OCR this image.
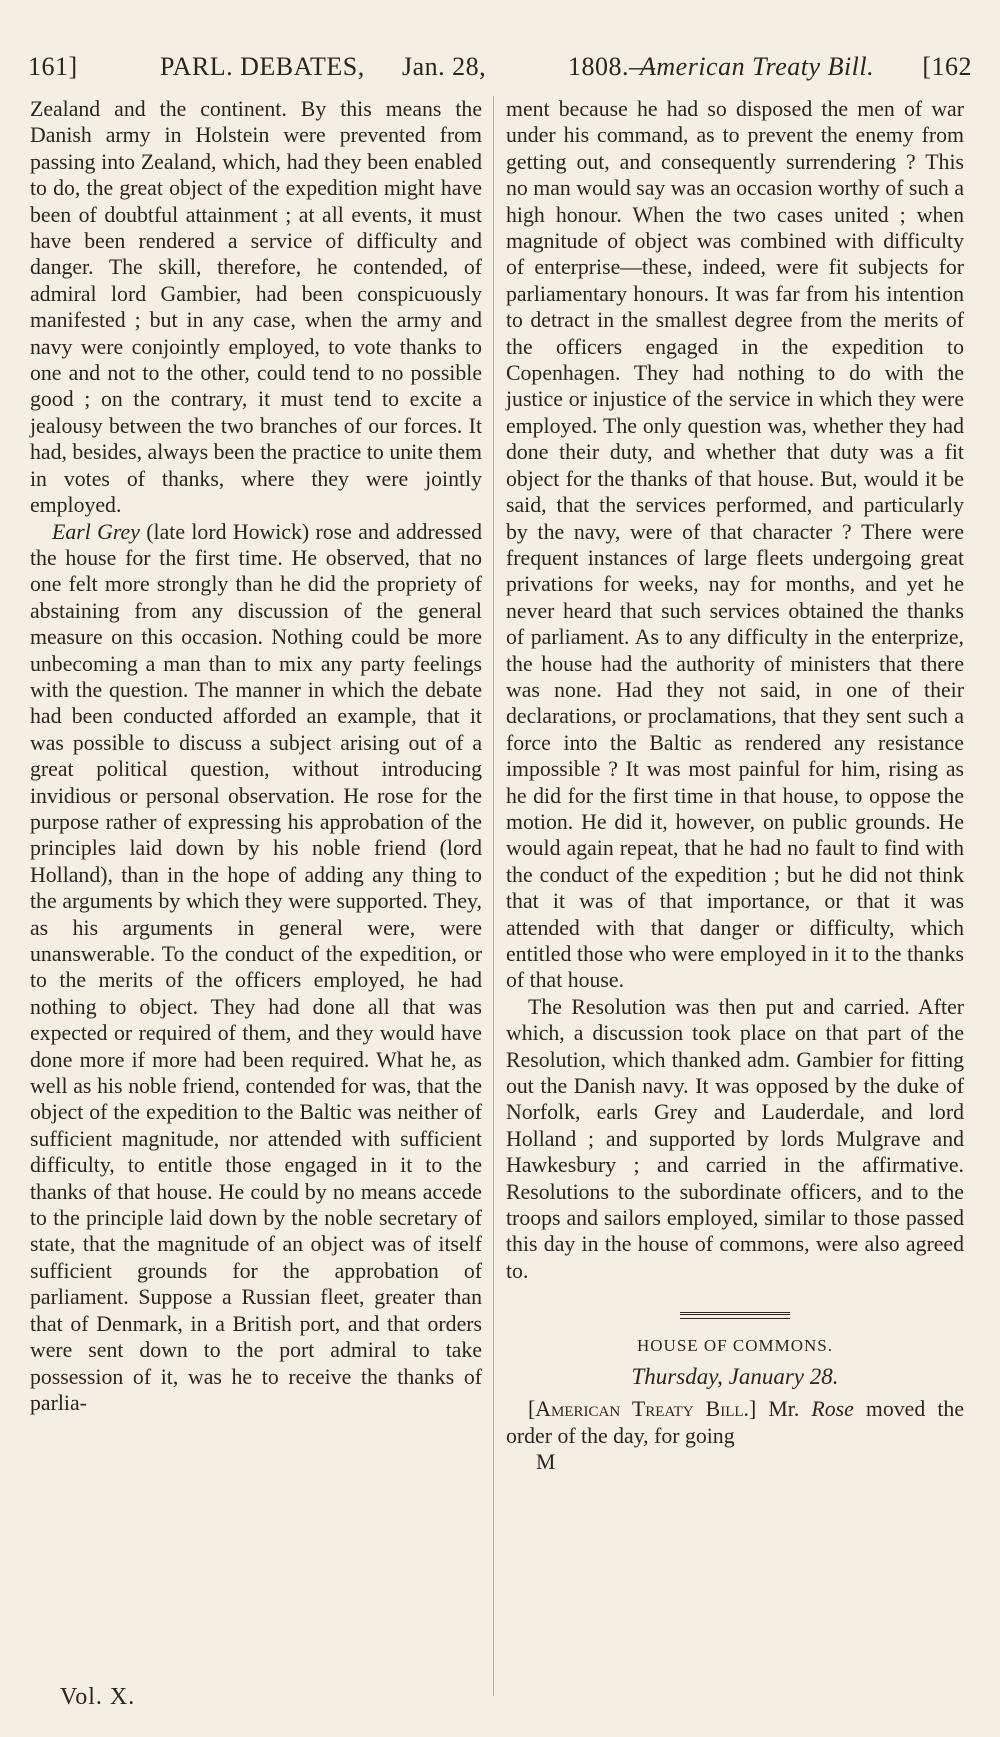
161]	PARL. DEBATES, Jan. 28,	1808.—
American Treaty Bill. [162

Zealand and the continent. By this means the Danish army in Holstein were prevented from passing into Zealand, which, had they been enabled to do, the great object of the expedition might have been of doubtful attainment ; at all events, it must have been rendered a service of difficulty and danger. The skill, therefore, he contended, of admiral lord Gambier, had been conspicuously manifested ; but in any case, when the army and navy were conjointly employed, to vote thanks to one and not to the other, could tend to no possible good ; on the contrary, it must tend to excite a jealousy between the two branches of our forces. It had, besides, always been the practice to unite them in votes of thanks, where they were jointly employed.

Earl Grey (late lord Howick) rose and addressed the house for the first time. He observed, that no one felt more strongly than he did the propriety of abstaining from any discussion of the general measure on this occasion. Nothing could be more unbecoming a man than to mix any party feelings with the question. The manner in which the debate had been conducted afforded an example, that it was possible to discuss a subject arising out of a great political question, without introducing invidious or personal observation. He rose for the purpose rather of expressing his approbation of the principles laid down by his noble friend (lord Holland), than in the hope of adding any thing to the arguments by which they were supported. They, as his arguments in general were, were unanswerable. To the conduct of the expedition, or to the merits of the officers employed, he had nothing to object. They had done all that was expected or required of them, and they would have done more if more had been required. What he, as well as his noble friend, contended for was, that the object of the expedition to the Baltic was neither of sufficient magnitude, nor attended with sufficient difficulty, to entitle those engaged in it to the thanks of that house. He could by no means accede to the principle laid down by the noble secretary of state, that the magnitude of an object was of itself sufficient grounds for the approbation of parliament. Suppose a Russian fleet, greater than that of Denmark, in a British port, and that orders were sent down to the port admiral to take possession of it, was he to receive the thanks of parlia-

ment because he had so disposed the men of war under his command, as to prevent the enemy from getting out, and consequently surrendering ? This no man would say was an occasion worthy of such a high honour. When the two cases united ; when magnitude of object was combined with difficulty of enterprise—these, indeed, were fit subjects for parliamentary honours. It was far from his intention to detract in the smallest degree from the merits of the officers engaged in the expedition to Copenhagen. They had nothing to do with the justice or injustice of the service in which they were employed. The only question was, whether they had done their duty, and whether that duty was a fit object for the thanks of that house. But, would it be said, that the services performed, and particularly by the navy, were of that character ? There were frequent instances of large fleets undergoing great privations for weeks, nay for months, and yet he never heard that such services obtained the thanks of parliament. As to any difficulty in the enterprize, the house had the authority of ministers that there was none. Had they not said, in one of their declarations, or proclamations, that they sent such a force into the Baltic as rendered any resistance impossible ? It was most painful for him, rising as he did for the first time in that house, to oppose the motion. He did it, however, on public grounds. He would again repeat, that he had no fault to find with the conduct of the expedition ; but he did not think that it was of that importance, or that it was attended with that danger or difficulty, which entitled those who were employed in it to the thanks of that house.

The Resolution was then put and carried. After which, a discussion took place on that part of the Resolution, which thanked adm. Gambier for fitting out the Danish navy. It was opposed by the duke of Norfolk, earls Grey and Lauderdale, and lord Holland ; and supported by lords Mulgrave and Hawkesbury ; and carried in the affirmative. Resolutions to the subordinate officers, and to the troops and sailors employed, similar to those passed this day in the house of commons, were also agreed to.

HOUSE OF COMMONS.

Thursday, January 28.

[American Treaty Bill.] Mr. Rose moved the order of the day, for going

M

Vol. X.
